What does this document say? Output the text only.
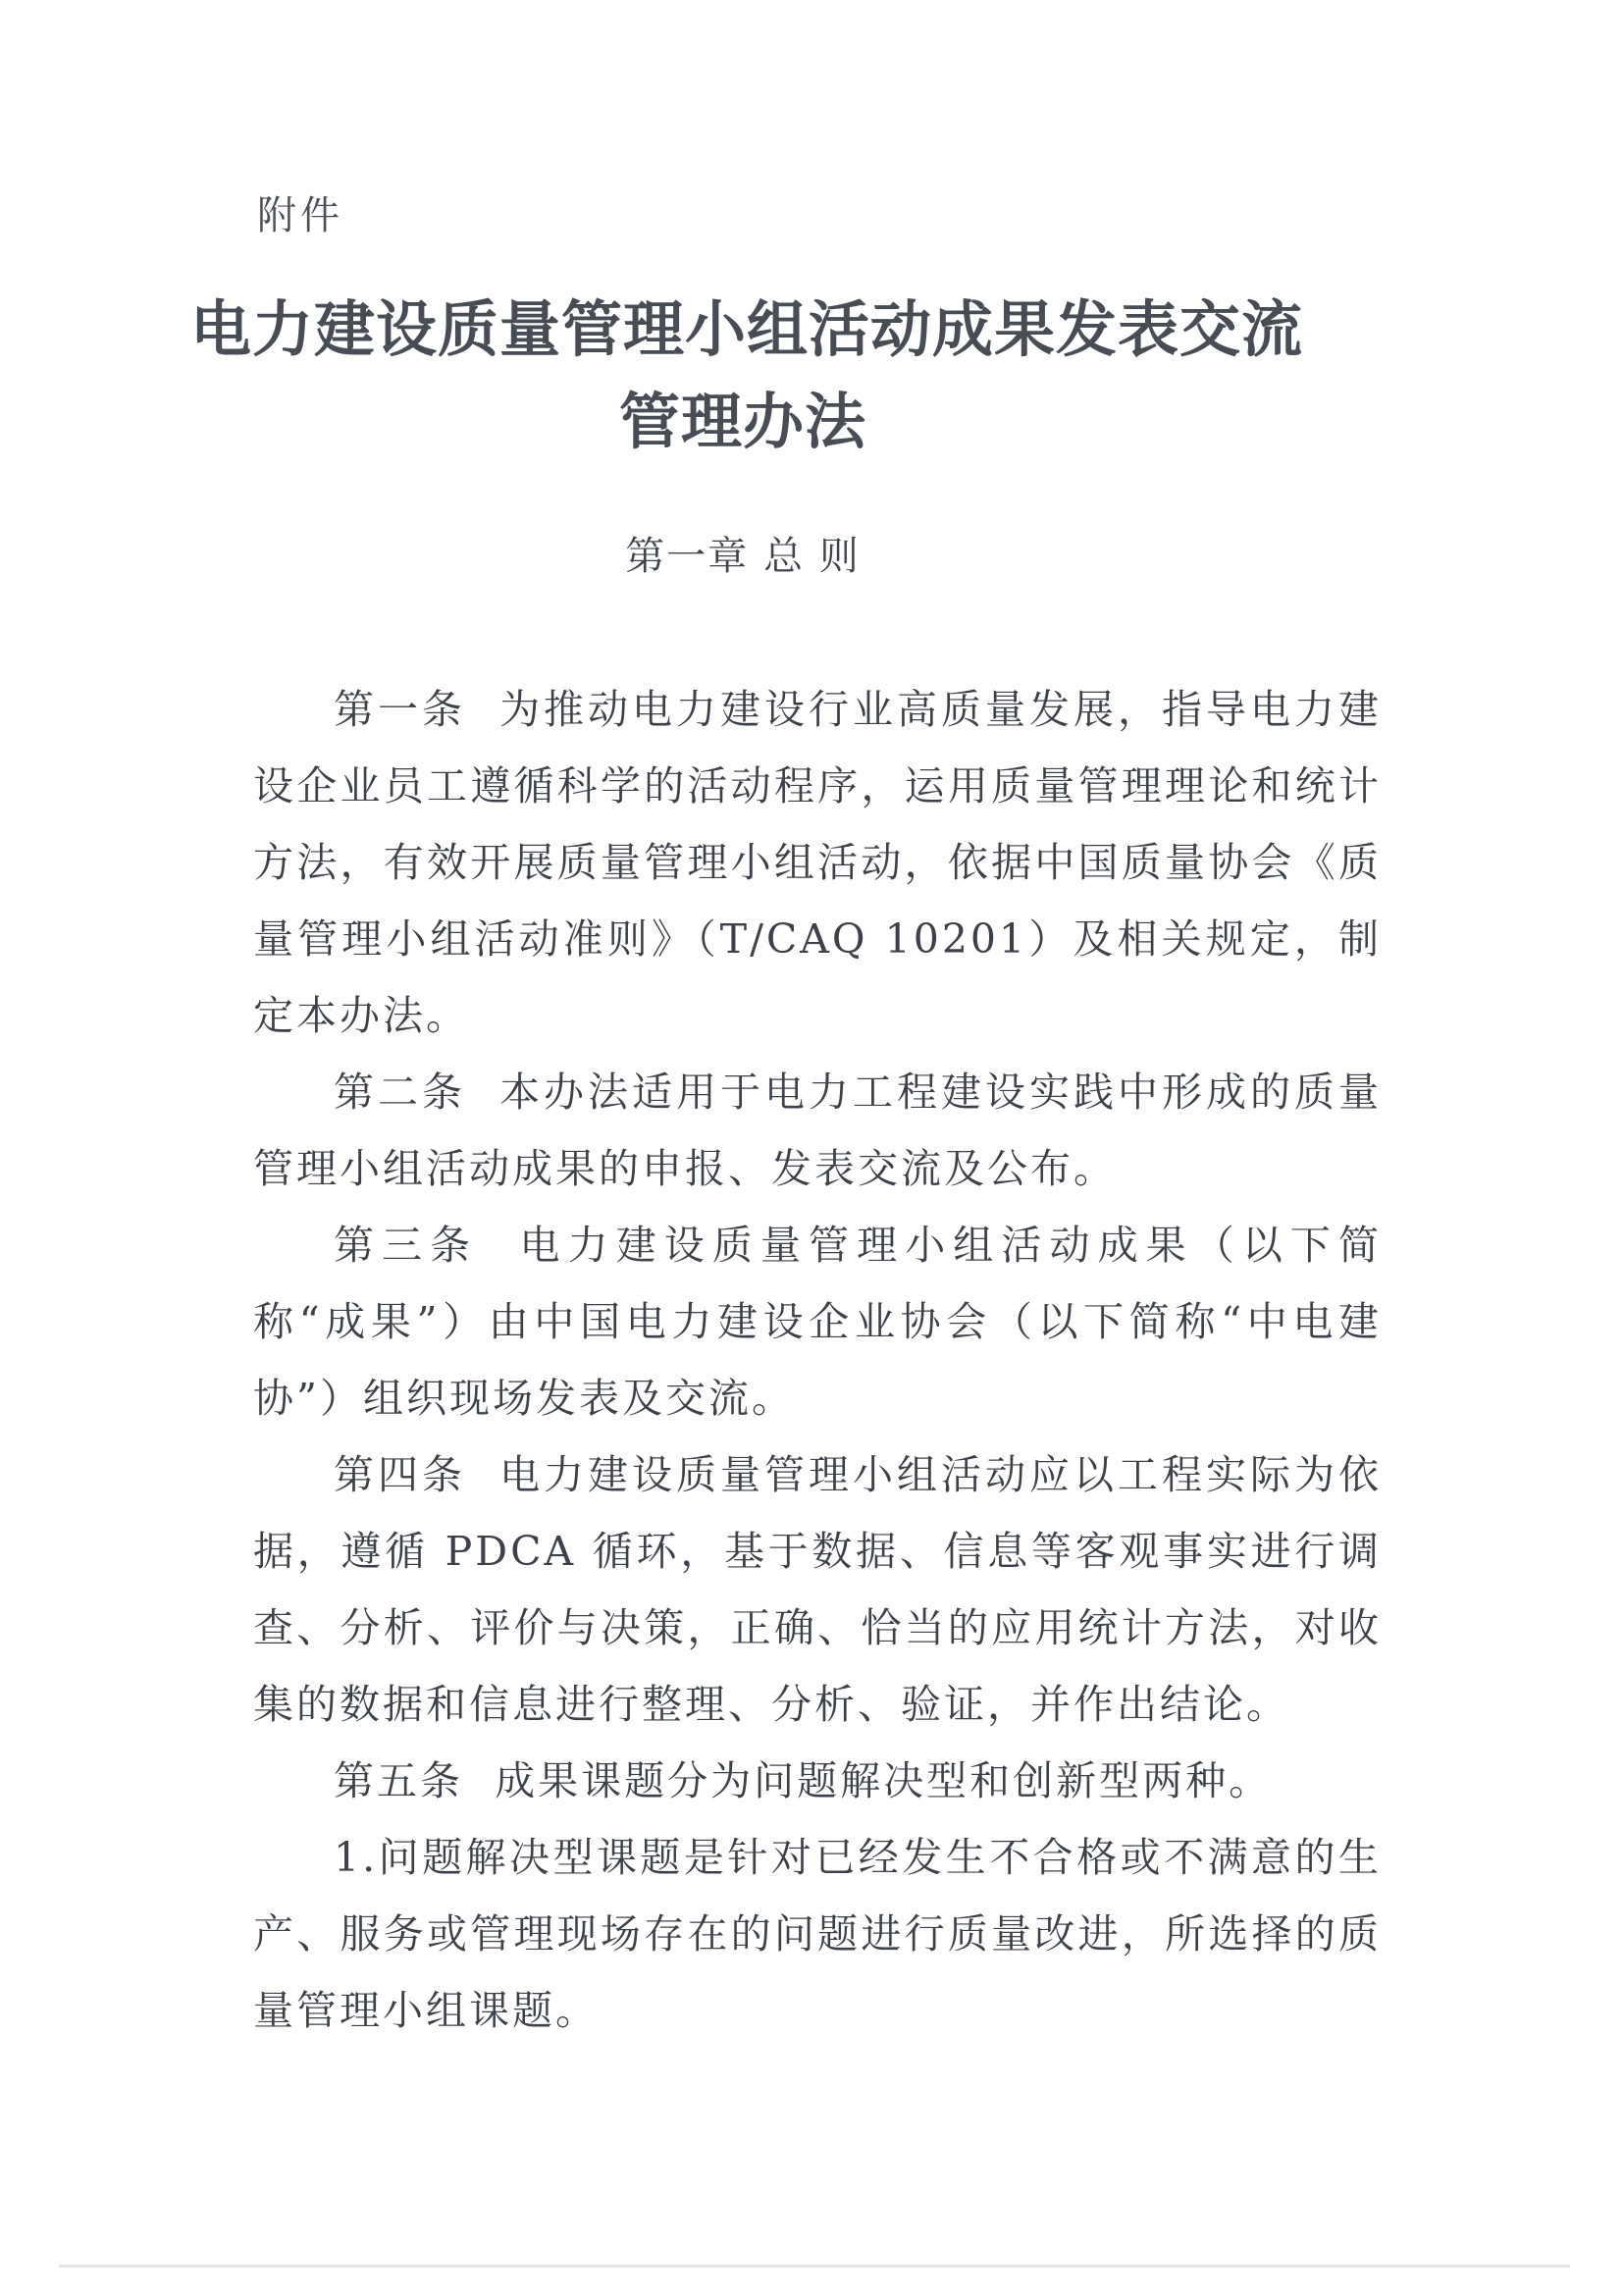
附件
电力建设质量管理小组活动成果发表交流
管理办法
第一章 总 则

第一条 为推动电力建设行业高质量发展，指导电力建设企业员工遵循科学的活动程序，运用质量管理理论和统计方法，有效开展质量管理小组活动，依据中国质量协会《质量管理小组活动准则》（T/CAQ 10201）及相关规定，制定本办法。

第二条 本办法适用于电力工程建设实践中形成的质量管理小组活动成果的申报、发表交流及公布。

第三条 电力建设质量管理小组活动成果（以下简称“成果”）由中国电力建设企业协会（以下简称“中电建协”）组织现场发表及交流。

第四条 电力建设质量管理小组活动应以工程实际为依据，遵循 PDCA 循环，基于数据、信息等客观事实进行调查、分析、评价与决策，正确、恰当的应用统计方法，对收集的数据和信息进行整理、分析、验证，并作出结论。

第五条 成果课题分为问题解决型和创新型两种。

1.问题解决型课题是针对已经发生不合格或不满意的生产、服务或管理现场存在的问题进行质量改进，所选择的质量管理小组课题。
